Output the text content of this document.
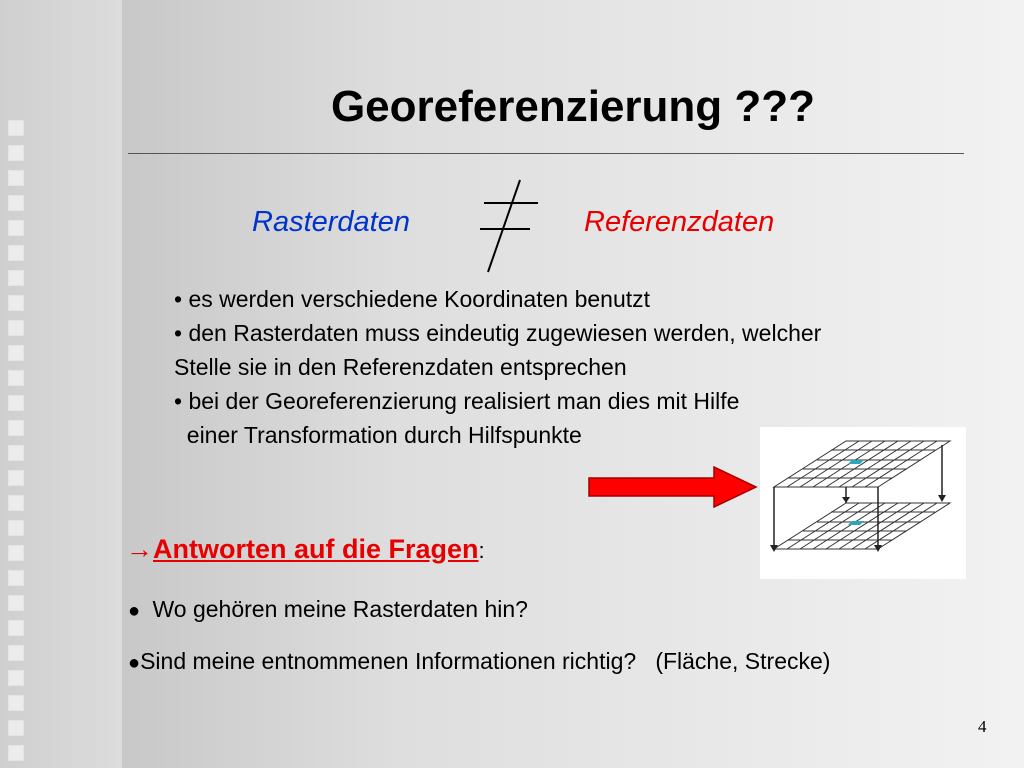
Georeferenzierung ???
Rasterdaten	Referenzdaten
• es werden verschiedene Koordinaten benutzt
• den Rasterdaten muss eindeutig zugewiesen werden, welcher
Stelle sie in den Referenzdaten entsprechen
• bei der Georeferenzierung realisiert man dies mit Hilfe
einer Transformation durch Hilfspunkte
→Antworten auf die Fragen:
● Wo gehören meine Rasterdaten hin?
●Sind meine entnommenen Informationen richtig?   (Fläche, Strecke)
4
